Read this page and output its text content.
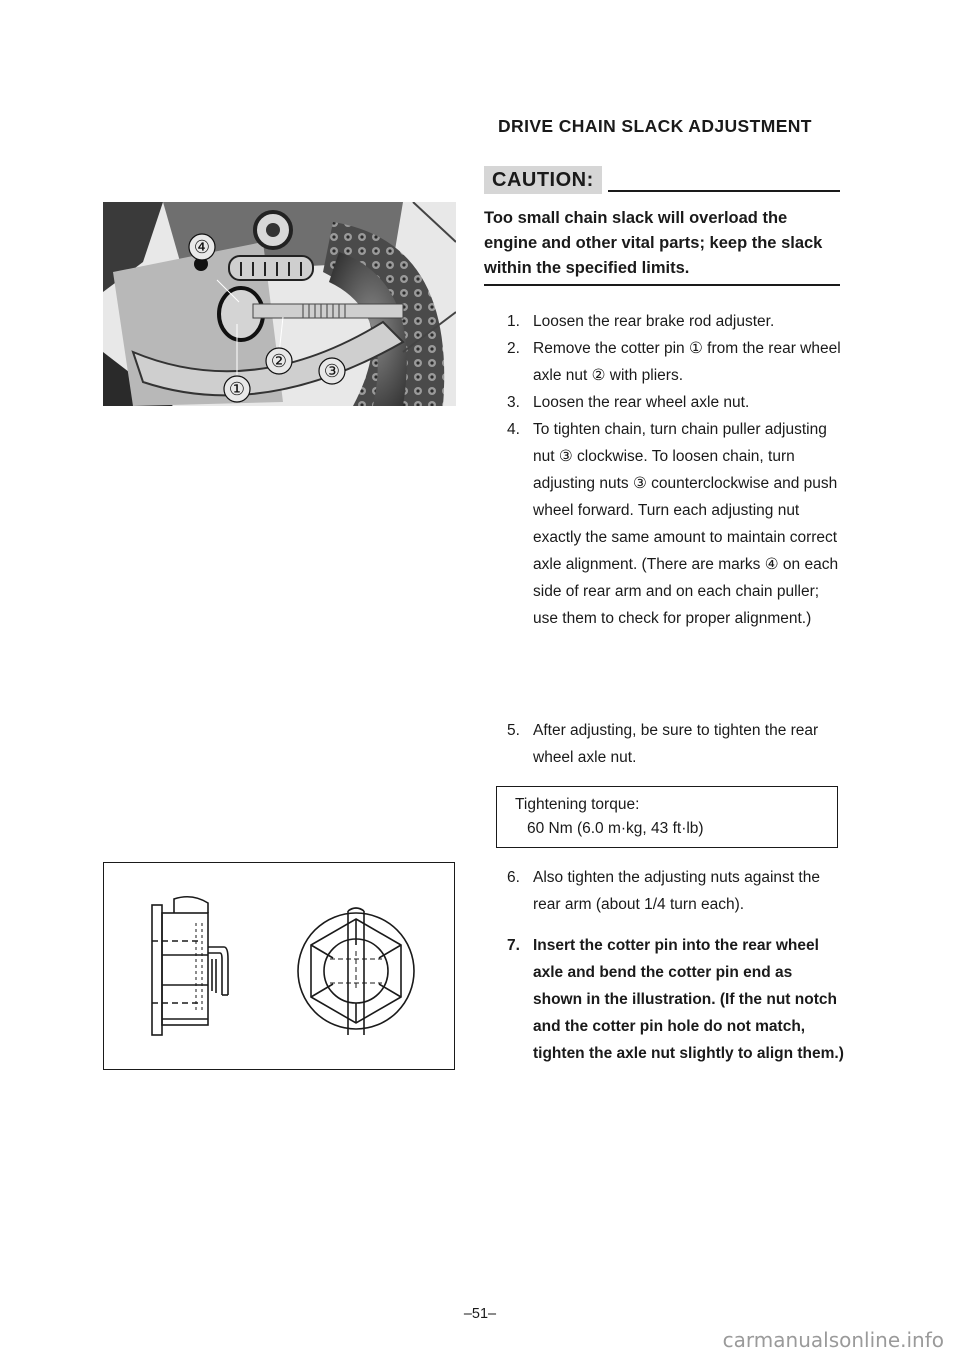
DRIVE CHAIN SLACK ADJUSTMENT
CAUTION:

Too small chain slack will overload the engine and other vital parts; keep the slack within the specified limits.

1. Loosen the rear brake rod adjuster.
2. Remove the cotter pin ① from the rear wheel axle nut ② with pliers.
3. Loosen the rear wheel axle nut.
4. To tighten chain, turn chain puller adjusting nut ③ clockwise. To loosen chain, turn adjusting nuts ③ counterclockwise and push wheel forward. Turn each adjusting nut exactly the same amount to maintain correct axle alignment. (There are marks ④ on each side of rear arm and on each chain puller; use them to check for proper alignment.)
5. After adjusting, be sure to tighten the rear wheel axle nut.
Tightening torque:
60 Nm (6.0 m·kg, 43 ft·lb)
6. Also tighten the adjusting nuts against the rear arm (about 1/4 turn each).
7. Insert the cotter pin into the rear wheel axle and bend the cotter pin end as shown in the illustration. (If the nut notch and the cotter pin hole do not match, tighten the axle nut slightly to align them.)
④
② ③
①
–51–
carmanualsonline.info
